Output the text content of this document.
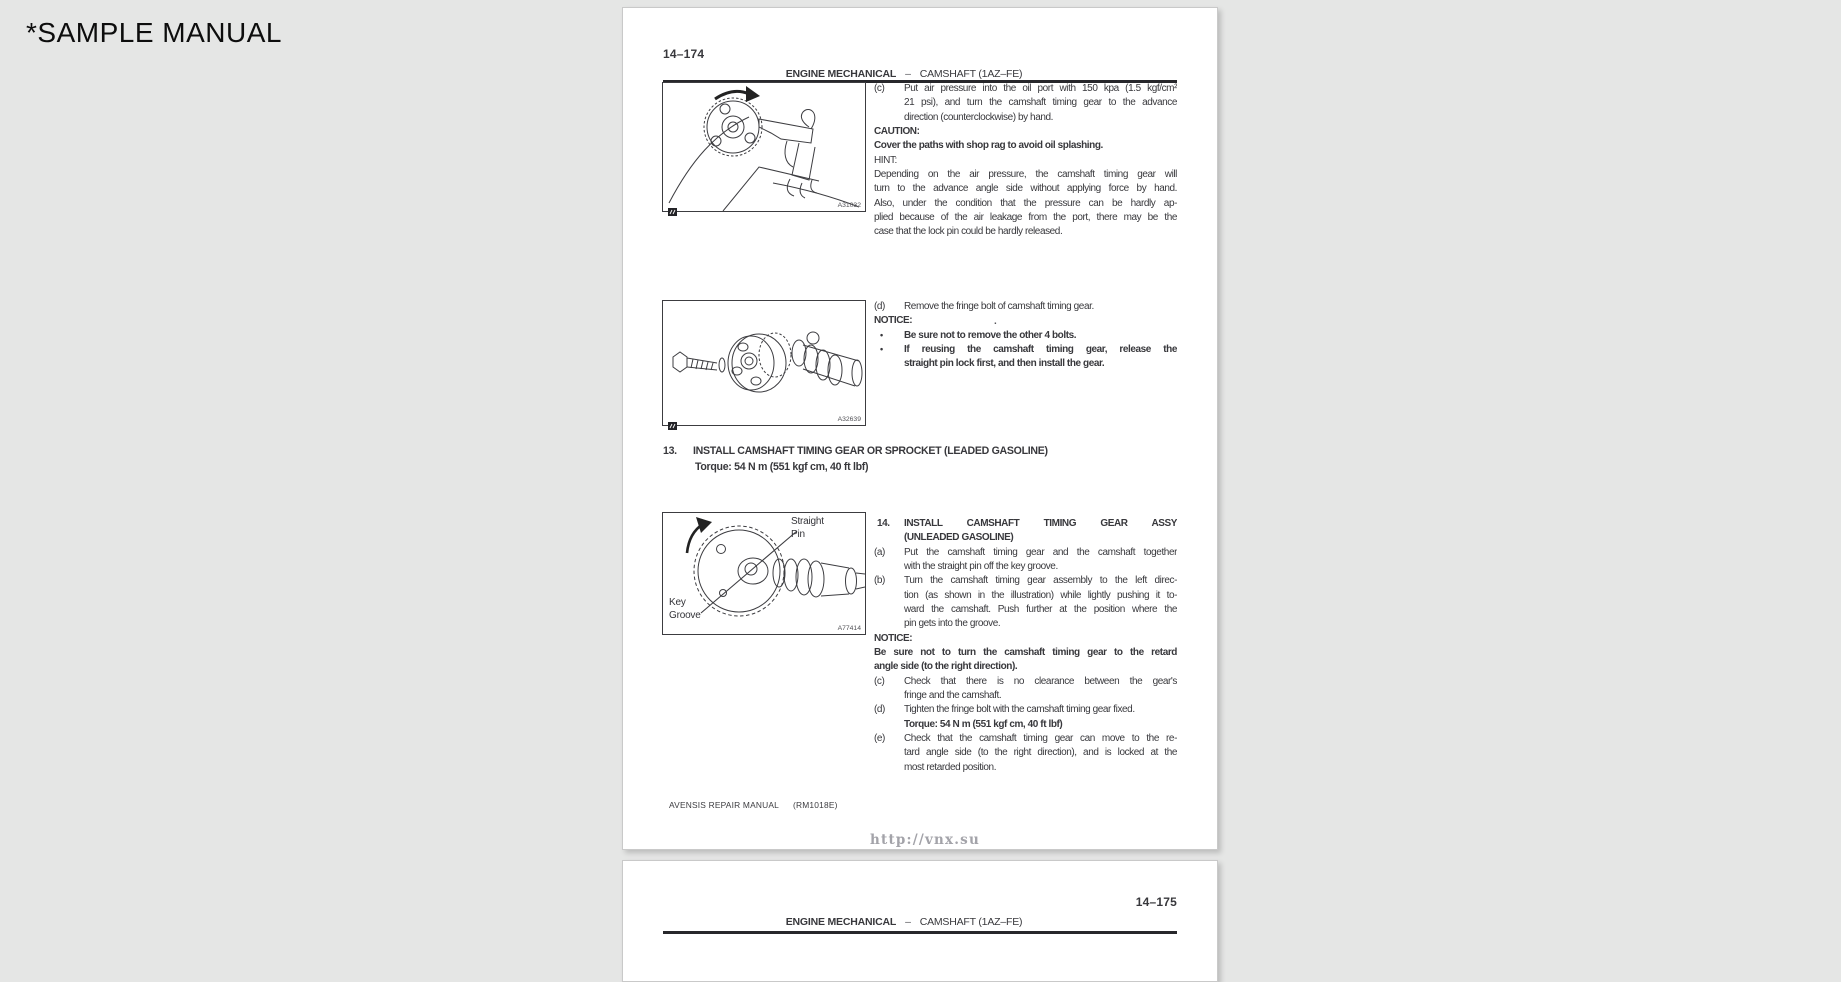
*SAMPLE MANUAL
14–174
ENGINE MECHANICAL – CAMSHAFT (1AZ–FE)
A31032
(c) Put air pressure into the oil port with 150 kpa (1.5 kgf/cm²
21 psi), and turn the camshaft timing gear to the advance
direction (counterclockwise) by hand.
CAUTION:
Cover the paths with shop rag to avoid oil splashing.
HINT:
Depending on the air pressure, the camshaft timing gear will
turn to the advance angle side without applying force by hand.
Also, under the condition that the pressure can be hardly ap-
plied because of the air leakage from the port, there may be the
case that the lock pin could be hardly released.
A32639
(d) Remove the fringe bolt of camshaft timing gear.
NOTICE:	.
• Be sure not to remove the other 4 bolts.
• If reusing the camshaft timing gear, release the
straight pin lock first, and then install the gear.
13. INSTALL CAMSHAFT TIMING GEAR OR SPROCKET (LEADED GASOLINE)
Torque: 54 N m (551 kgf cm, 40 ft lbf)
Straight
Pin
Key
Groove
A77414
14. INSTALL CAMSHAFT TIMING GEAR ASSY
(UNLEADED GASOLINE)
(a) Put the camshaft timing gear and the camshaft together
with the straight pin off the key groove.
(b) Turn the camshaft timing gear assembly to the left direc-
tion (as shown in the illustration) while lightly pushing it to-
ward the camshaft. Push further at the position where the
pin gets into the groove.
NOTICE:
Be sure not to turn the camshaft timing gear to the retard
angle side (to the right direction).
(c) Check that there is no clearance between the gear's
fringe and the camshaft.
(d) Tighten the fringe bolt with the camshaft timing gear fixed.
Torque: 54 N m (551 kgf cm, 40 ft lbf)
(e) Check that the camshaft timing gear can move to the re-
tard angle side (to the right direction), and is locked at the
most retarded position.
AVENSIS REPAIR MANUAL (RM1018E)
http://vnx.su
14–175
ENGINE MECHANICAL – CAMSHAFT (1AZ–FE)
